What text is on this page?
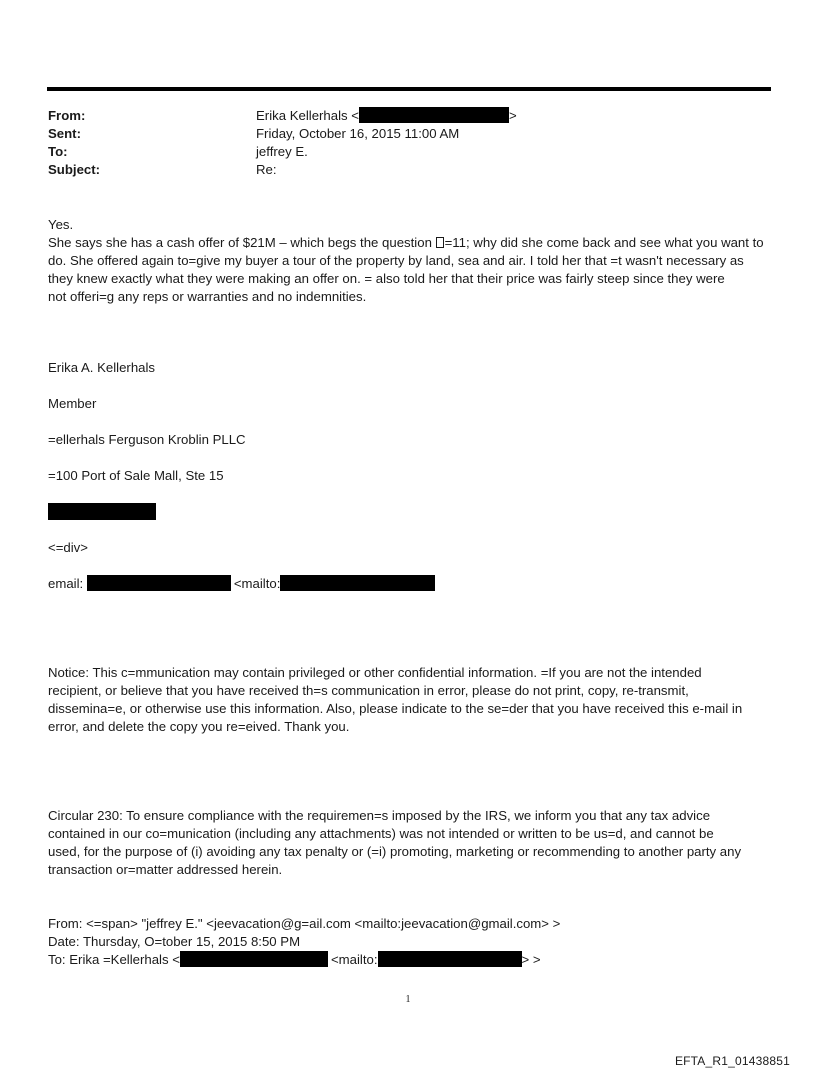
From:	Erika Kellerhals <	>
Sent:	Friday, October 16, 2015 11:00 AM
To:	jeffrey E.
Subject:	Re:
Yes.
She says she has a cash offer of $21M – which begs the question =11; why did she come back and see what you want to
do. She offered again to=give my buyer a tour of the property by land, sea and air. I told her that =t wasn't necessary as
they knew exactly what they were making an offer on. = also told her that their price was fairly steep since they were
not offeri=g any reps or warranties and no indemnities.
Erika A. Kellerhals
Member
=ellerhals Ferguson Kroblin PLLC
=100 Port of Sale Mall, Ste 15
<=div>
email:	<mailto:
Notice: This c=mmunication may contain privileged or other confidential information. =If you are not the intended
recipient, or believe that you have received th=s communication in error, please do not print, copy, re-transmit,
dissemina=e, or otherwise use this information. Also, please indicate to the se=der that you have received this e-mail in
error, and delete the copy you re=eived. Thank you.
Circular 230: To ensure compliance with the requiremen=s imposed by the IRS, we inform you that any tax advice
contained in our co=munication (including any attachments) was not intended or written to be us=d, and cannot be
used, for the purpose of (i) avoiding any tax penalty or (=i) promoting, marketing or recommending to another party any
transaction or=matter addressed herein.
From: <=span> "jeffrey E." <jeevacation@g=ail.com <mailto:jeevacation@gmail.com> >
Date: Thursday, O=tober 15, 2015 8:50 PM
To: Erika =Kellerhals <	<mailto:	> >
1
EFTA_R1_01438851
